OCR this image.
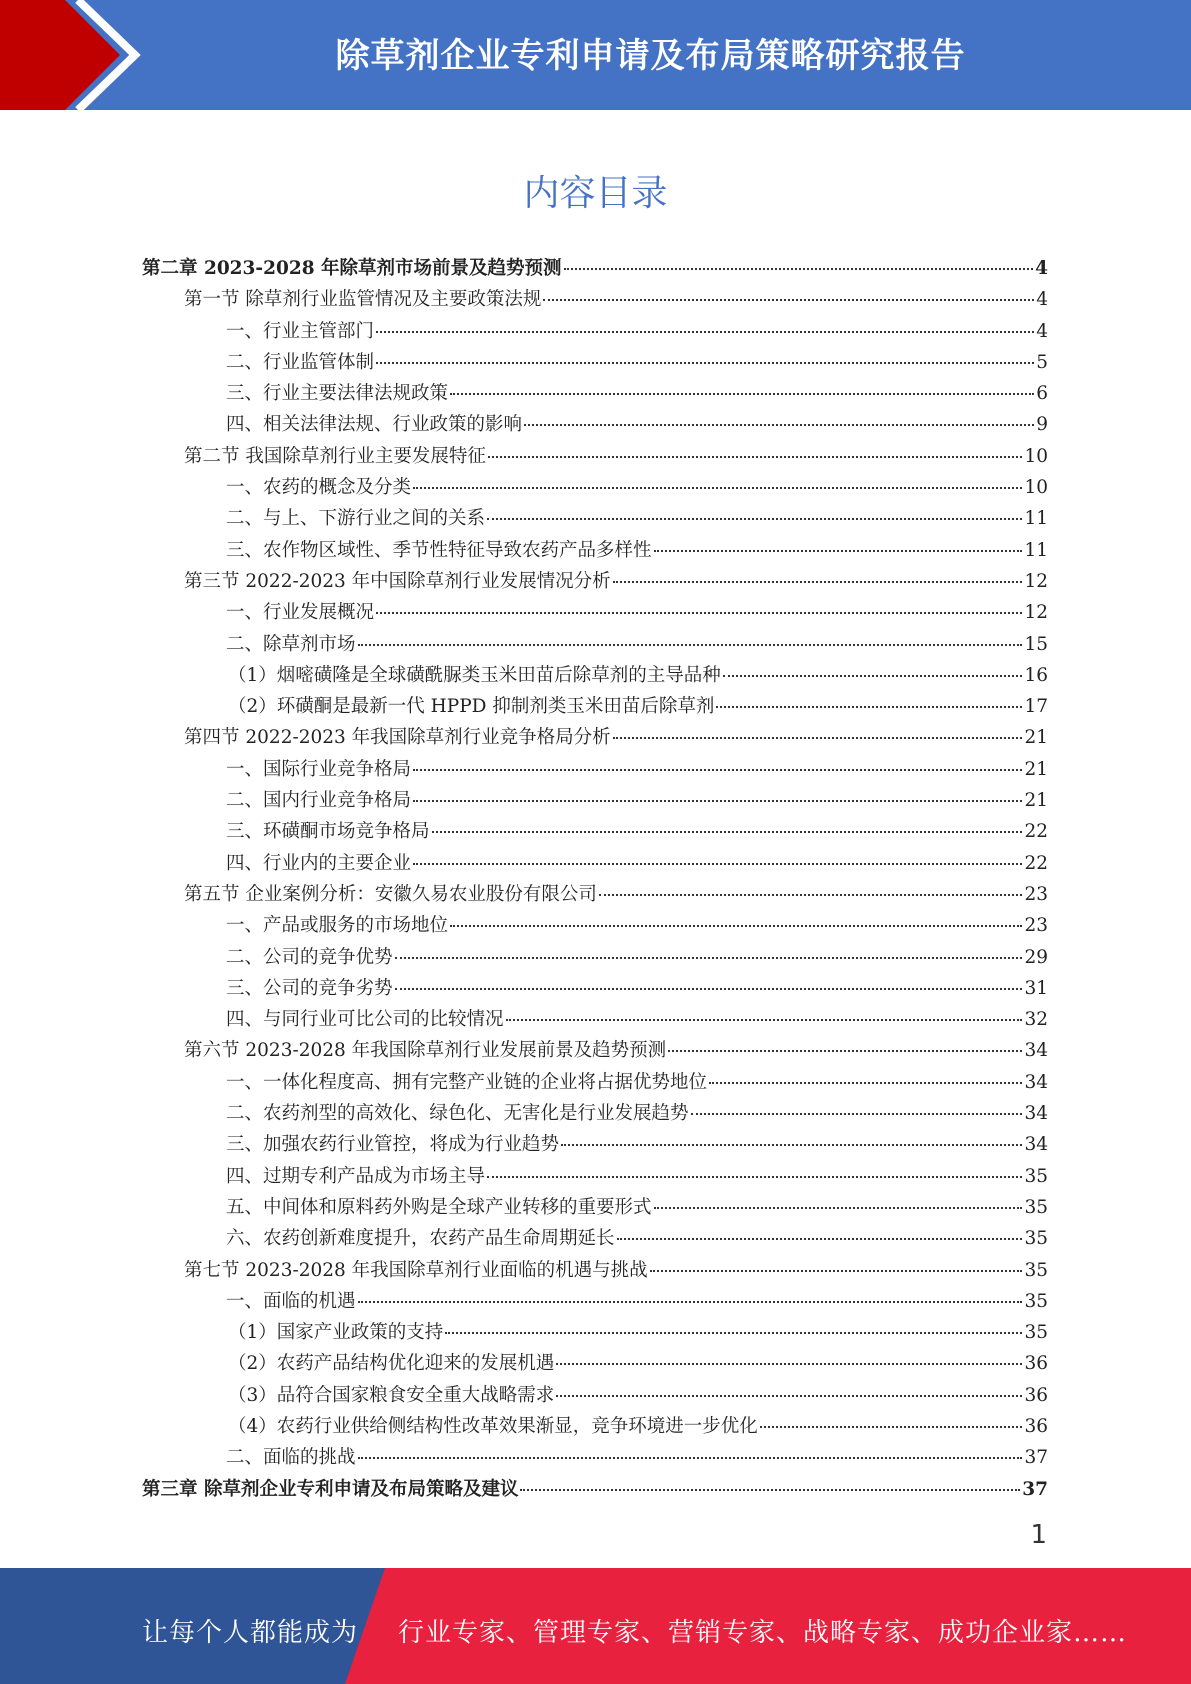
除草剂企业专利申请及布局策略研究报告
内容目录
第二章 2023-2028 年除草剂市场前景及趋势预测	4
第一节 除草剂行业监管情况及主要政策法规	4
一、行业主管部门	4
二、行业监管体制	5
三、行业主要法律法规政策	6
四、相关法律法规、行业政策的影响	9
第二节 我国除草剂行业主要发展特征	10
一、农药的概念及分类	10
二、与上、下游行业之间的关系	11
三、农作物区域性、季节性特征导致农药产品多样性	11
第三节 2022-2023 年中国除草剂行业发展情况分析	12
一、行业发展概况	12
二、除草剂市场	15
（1）烟嘧磺隆是全球磺酰脲类玉米田苗后除草剂的主导品种	16
（2）环磺酮是最新一代 HPPD 抑制剂类玉米田苗后除草剂	17
第四节 2022-2023 年我国除草剂行业竞争格局分析	21
一、国际行业竞争格局	21
二、国内行业竞争格局	21
三、环磺酮市场竞争格局	22
四、行业内的主要企业	22
第五节 企业案例分析：安徽久易农业股份有限公司	23
一、产品或服务的市场地位	23
二、公司的竞争优势	29
三、公司的竞争劣势	31
四、与同行业可比公司的比较情况	32
第六节 2023-2028 年我国除草剂行业发展前景及趋势预测	34
一、一体化程度高、拥有完整产业链的企业将占据优势地位	34
二、农药剂型的高效化、绿色化、无害化是行业发展趋势	34
三、加强农药行业管控，将成为行业趋势	34
四、过期专利产品成为市场主导	35
五、中间体和原料药外购是全球产业转移的重要形式	35
六、农药创新难度提升，农药产品生命周期延长	35
第七节 2023-2028 年我国除草剂行业面临的机遇与挑战	35
一、面临的机遇	35
（1）国家产业政策的支持	35
（2）农药产品结构优化迎来的发展机遇	36
（3）品符合国家粮食安全重大战略需求	36
（4）农药行业供给侧结构性改革效果渐显，竞争环境进一步优化	36
二、面临的挑战	37
第三章 除草剂企业专利申请及布局策略及建议	37
1
让每个人都能成为 行业专家、管理专家、营销专家、战略专家、成功企业家……
